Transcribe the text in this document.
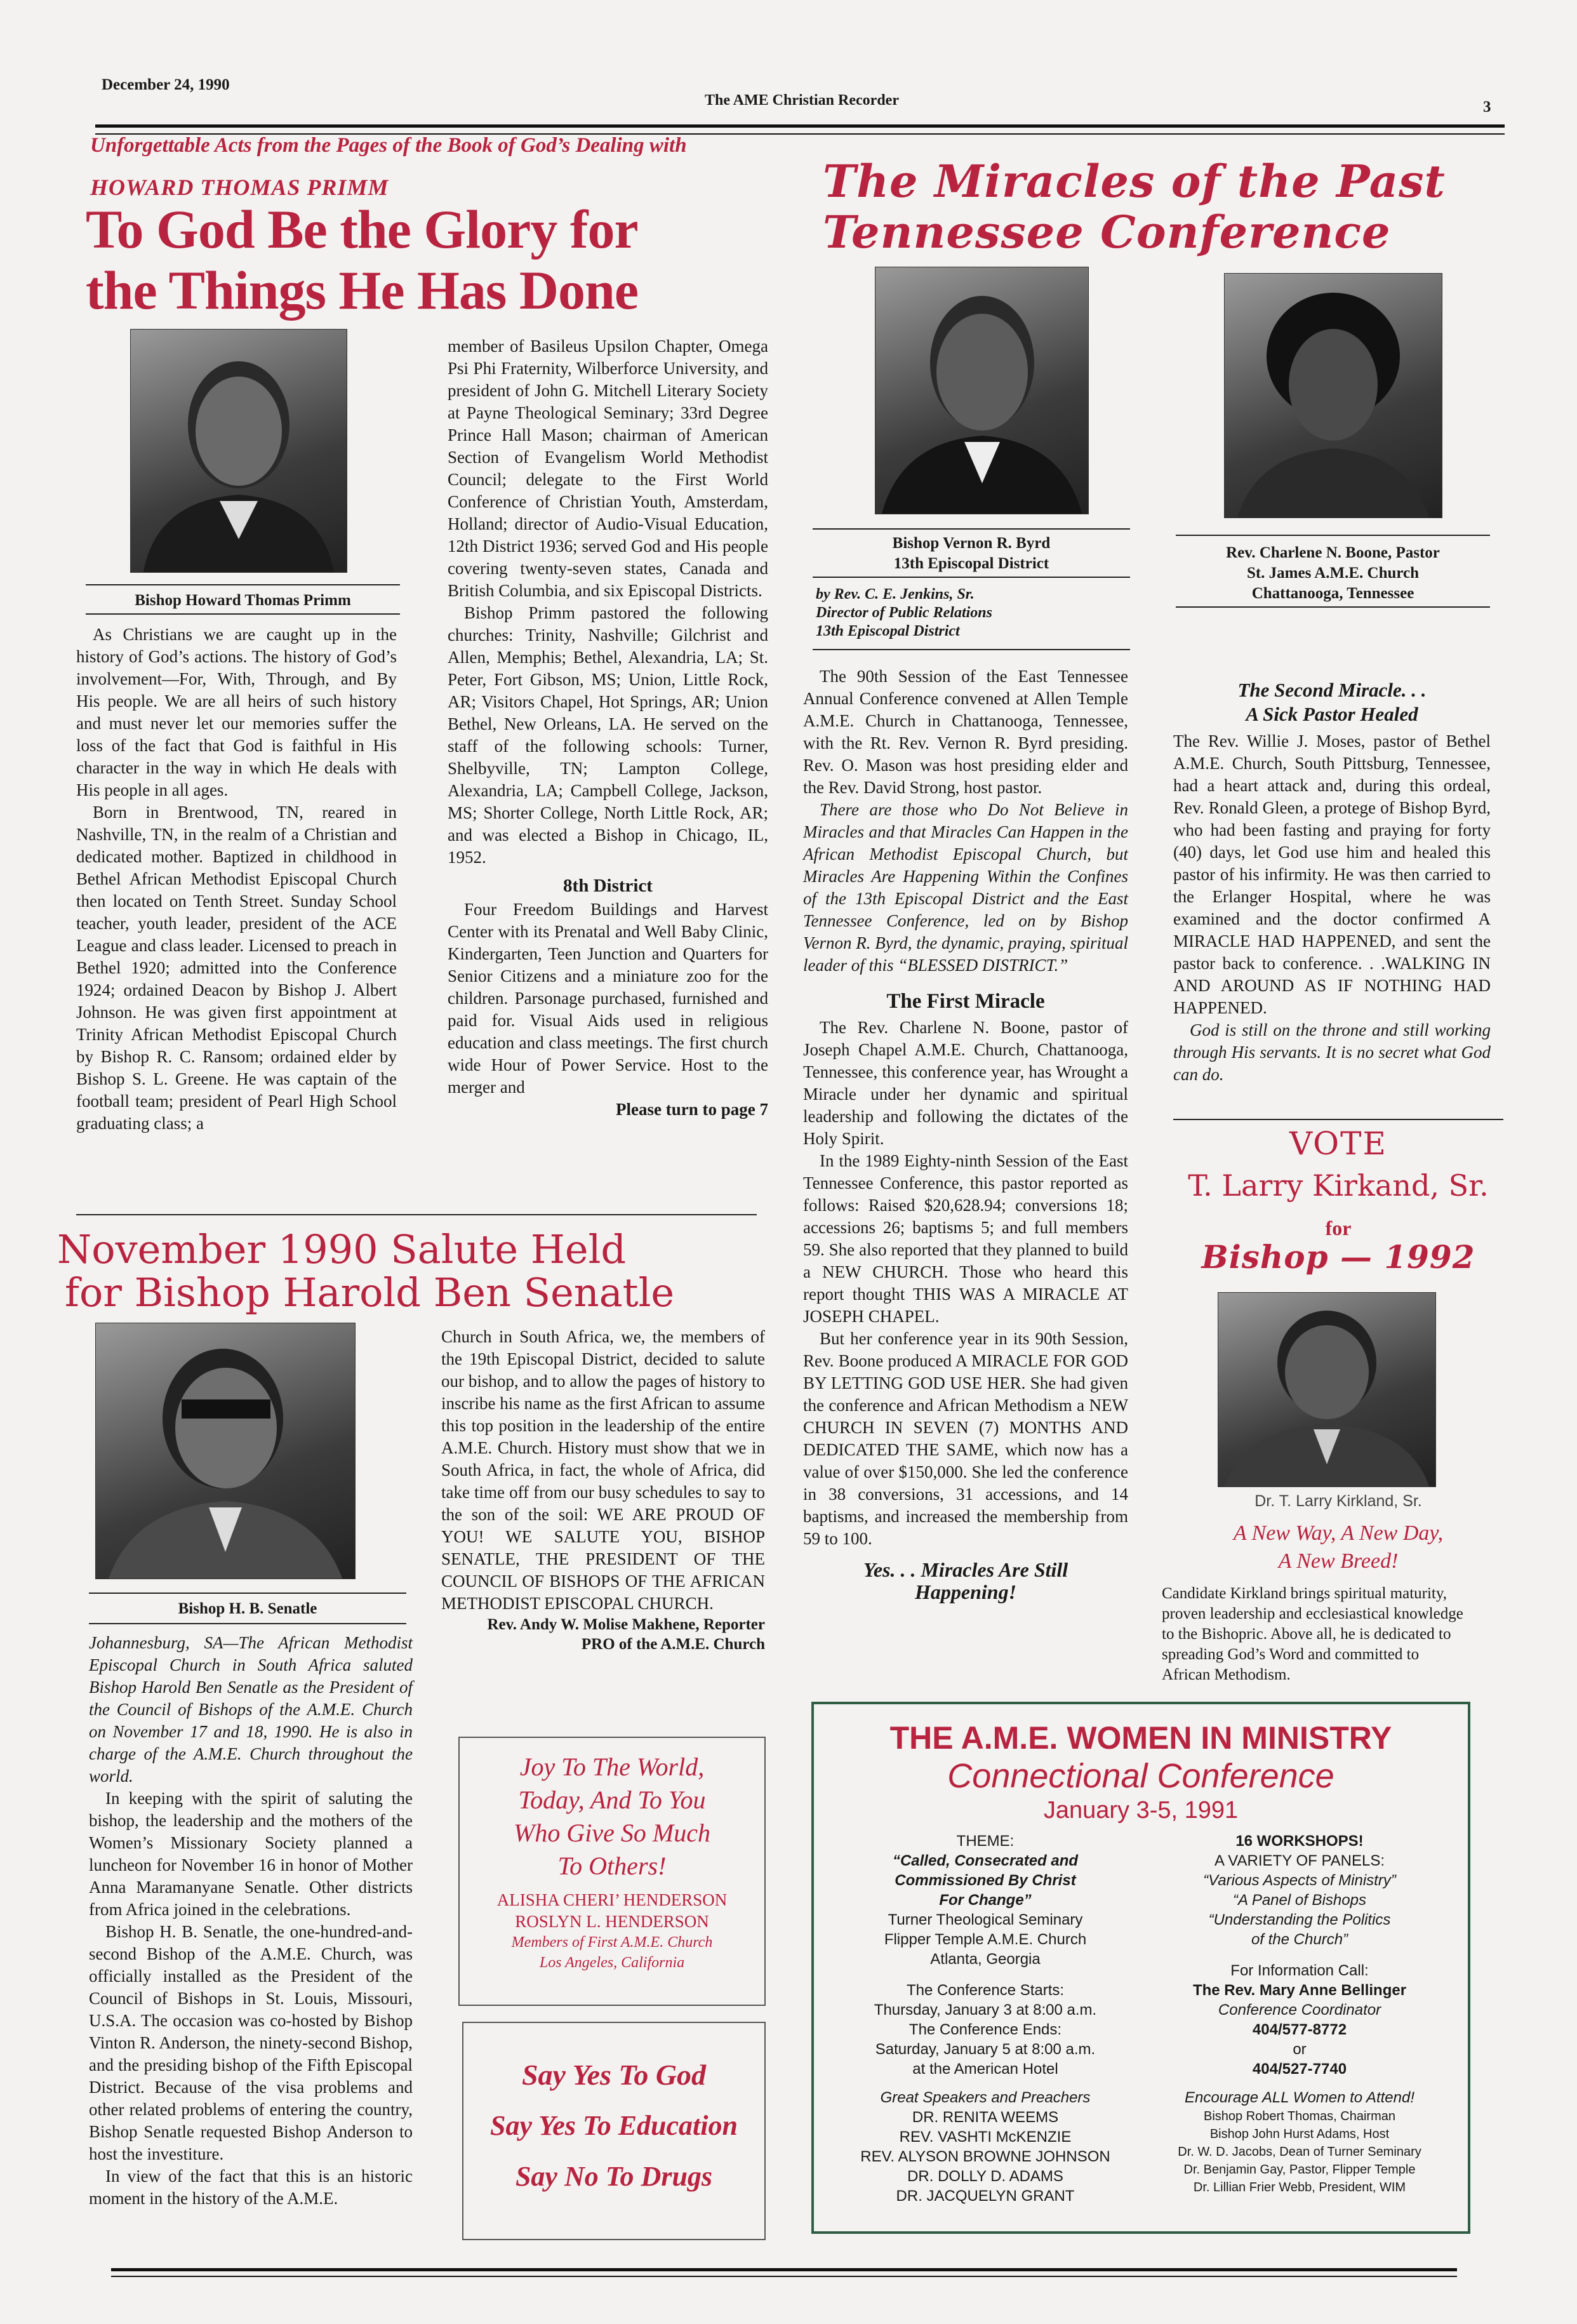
December 24, 1990
The AME Christian Recorder	3
Unforgettable Acts from the Pages of the Book of God’s Dealing with
HOWARD THOMAS PRIMM
To God Be the Glory for
the Things He Has Done
Bishop Howard Thomas Primm

As Christians we are caught up in the history of God’s actions. The history of God’s involvement—For, With, Through, and By His people. We are all heirs of such history and must never let our memories suffer the loss of the fact that God is faithful in His character in the way in which He deals with His people in all ages.

Born in Brentwood, TN, reared in Nashville, TN, in the realm of a Christian and dedicated mother. Baptized in childhood in Bethel African Methodist Episcopal Church then located on Tenth Street. Sunday School teacher, youth leader, president of the ACE League and class leader. Licensed to preach in Bethel 1920; admitted into the Conference 1924; ordained Deacon by Bishop J. Albert Johnson. He was given first appointment at Trinity African Methodist Episcopal Church by Bishop R. C. Ransom; ordained elder by Bishop S. L. Greene. He was captain of the football team; president of Pearl High School graduating class; a

member of Basileus Upsilon Chapter, Omega Psi Phi Fraternity, Wilberforce University, and president of John G. Mitchell Literary Society at Payne Theological Seminary; 33rd Degree Prince Hall Mason; chairman of American Section of Evangelism World Methodist Council; delegate to the First World Conference of Christian Youth, Amsterdam, Holland; director of Audio-Visual Education, 12th District 1936; served God and His people covering twenty-seven states, Canada and British Columbia, and six Episcopal Districts.

Bishop Primm pastored the following churches: Trinity, Nashville; Gilchrist and Allen, Memphis; Bethel, Alexandria, LA; St. Peter, Fort Gibson, MS; Union, Little Rock, AR; Visitors Chapel, Hot Springs, AR; Union Bethel, New Orleans, LA. He served on the staff of the following schools: Turner, Shelbyville, TN; Lampton College, Alexandria, LA; Campbell College, Jackson, MS; Shorter College, North Little Rock, AR; and was elected a Bishop in Chicago, IL, 1952.

8th District

Four Freedom Buildings and Harvest Center with its Prenatal and Well Baby Clinic, Kindergarten, Teen Junction and Quarters for Senior Citizens and a miniature zoo for the children. Parsonage purchased, furnished and paid for. Visual Aids used in religious education and class meetings. The first church wide Hour of Power Service. Host to the merger and

Please turn to page 7
The Miracles of the Past
Tennessee Conference
Bishop Vernon R. Byrd
13th Episcopal District
by Rev. C. E. Jenkins, Sr.
Director of Public Relations
13th Episcopal District

The 90th Session of the East Tennessee Annual Conference convened at Allen Temple A.M.E. Church in Chattanooga, Tennessee, with the Rt. Rev. Vernon R. Byrd presiding. Rev. O. Mason was host presiding elder and the Rev. David Strong, host pastor.

There are those who Do Not Believe in Miracles and that Miracles Can Happen in the African Methodist Episcopal Church, but Miracles Are Happening Within the Confines of the 13th Episcopal District and the East Tennessee Conference, led on by Bishop Vernon R. Byrd, the dynamic, praying, spiritual leader of this “BLESSED DISTRICT.”

The First Miracle

The Rev. Charlene N. Boone, pastor of Joseph Chapel A.M.E. Church, Chattanooga, Tennessee, this conference year, has Wrought a Miracle under her dynamic and spiritual leadership and following the dictates of the Holy Spirit.

In the 1989 Eighty-ninth Session of the East Tennessee Conference, this pastor reported as follows: Raised $20,628.94; conversions 18; accessions 26; baptisms 5; and full members 59. She also reported that they planned to build a NEW CHURCH. Those who heard this report thought THIS WAS A MIRACLE AT JOSEPH CHAPEL.

But her conference year in its 90th Session, Rev. Boone produced A MIRACLE FOR GOD BY LETTING GOD USE HER. She had given the conference and African Methodism a NEW CHURCH IN SEVEN (7) MONTHS AND DEDICATED THE SAME, which now has a value of over $150,000. She led the conference in 38 conversions, 31 accessions, and 14 baptisms, and increased the membership from 59 to 100.

Yes. . . Miracles Are Still
Happening!
Rev. Charlene N. Boone, Pastor
St. James A.M.E. Church
Chattanooga, Tennessee
The Second Miracle. . .
A Sick Pastor Healed

The Rev. Willie J. Moses, pastor of Bethel A.M.E. Church, South Pittsburg, Tennessee, had a heart attack and, during this ordeal, Rev. Ronald Gleen, a protege of Bishop Byrd, who had been fasting and praying for forty (40) days, let God use him and healed this pastor of his infirmity. He was then carried to the Erlanger Hospital, where he was examined and the doctor confirmed A MIRACLE HAD HAPPENED, and sent the pastor back to conference. . .WALKING IN AND AROUND AS IF NOTHING HAD HAPPENED.

God is still on the throne and still working through His servants. It is no secret what God can do.

VOTE
T. Larry Kirkand, Sr.
for
Bishop — 1992
Dr. T. Larry Kirkland, Sr.
A New Way, A New Day,
A New Breed!
Candidate Kirkland brings spiritual maturity, proven leadership and ecclesiastical knowledge to the Bishopric. Above all, he is dedicated to spreading God’s Word and committed to African Methodism.
November 1990 Salute Held
for Bishop Harold Ben Senatle
Bishop H. B. Senatle

Johannesburg, SA—The African Methodist Episcopal Church in South Africa saluted Bishop Harold Ben Senatle as the President of the Council of Bishops of the A.M.E. Church on November 17 and 18, 1990. He is also in charge of the A.M.E. Church throughout the world.

In keeping with the spirit of saluting the bishop, the leadership and the mothers of the Women’s Missionary Society planned a luncheon for November 16 in honor of Mother Anna Maramanyane Senatle. Other districts from Africa joined in the celebrations.

Bishop H. B. Senatle, the one-hundred-and-second Bishop of the A.M.E. Church, was officially installed as the President of the Council of Bishops in St. Louis, Missouri, U.S.A. The occasion was co-hosted by Bishop Vinton R. Anderson, the ninety-second Bishop, and the presiding bishop of the Fifth Episcopal District. Because of the visa problems and other related problems of entering the country, Bishop Senatle requested Bishop Anderson to host the investiture.

In view of the fact that this is an historic moment in the history of the A.M.E.

Church in South Africa, we, the members of the 19th Episcopal District, decided to salute our bishop, and to allow the pages of history to inscribe his name as the first African to assume this top position in the leadership of the entire A.M.E. Church. History must show that we in South Africa, in fact, the whole of Africa, did take time off from our busy schedules to say to the son of the soil: WE ARE PROUD OF YOU! WE SALUTE YOU, BISHOP SENATLE, THE PRESIDENT OF THE COUNCIL OF BISHOPS OF THE AFRICAN METHODIST EPISCOPAL CHURCH.

Rev. Andy W. Molise Makhene, Reporter
PRO of the A.M.E. Church
Joy To The World,
Today, And To You
Who Give So Much
To Others!
ALISHA CHERI’ HENDERSON
ROSLYN L. HENDERSON
Members of First A.M.E. Church
Los Angeles, California
Say Yes To God
Say Yes To Education
Say No To Drugs
THE A.M.E. WOMEN IN MINISTRY
Connectional Conference
January 3-5, 1991
THEME:
“Called, Consecrated and
Commissioned By Christ
For Change”
Turner Theological Seminary
Flipper Temple A.M.E. Church
Atlanta, Georgia
The Conference Starts:
Thursday, January 3 at 8:00 a.m.
The Conference Ends:
Saturday, January 5 at 8:00 a.m.
at the American Hotel
Great Speakers and Preachers
DR. RENITA WEEMS
REV. VASHTI McKENZIE
REV. ALYSON BROWNE JOHNSON
DR. DOLLY D. ADAMS
DR. JACQUELYN GRANT
16 WORKSHOPS!
A VARIETY OF PANELS:
“Various Aspects of Ministry”
“A Panel of Bishops
“Understanding the Politics
of the Church”
For Information Call:
The Rev. Mary Anne Bellinger
Conference Coordinator
404/577-8772
or
404/527-7740
Encourage ALL Women to Attend!
Bishop Robert Thomas, Chairman
Bishop John Hurst Adams, Host
Dr. W. D. Jacobs, Dean of Turner Seminary
Dr. Benjamin Gay, Pastor, Flipper Temple
Dr. Lillian Frier Webb, President, WIM
